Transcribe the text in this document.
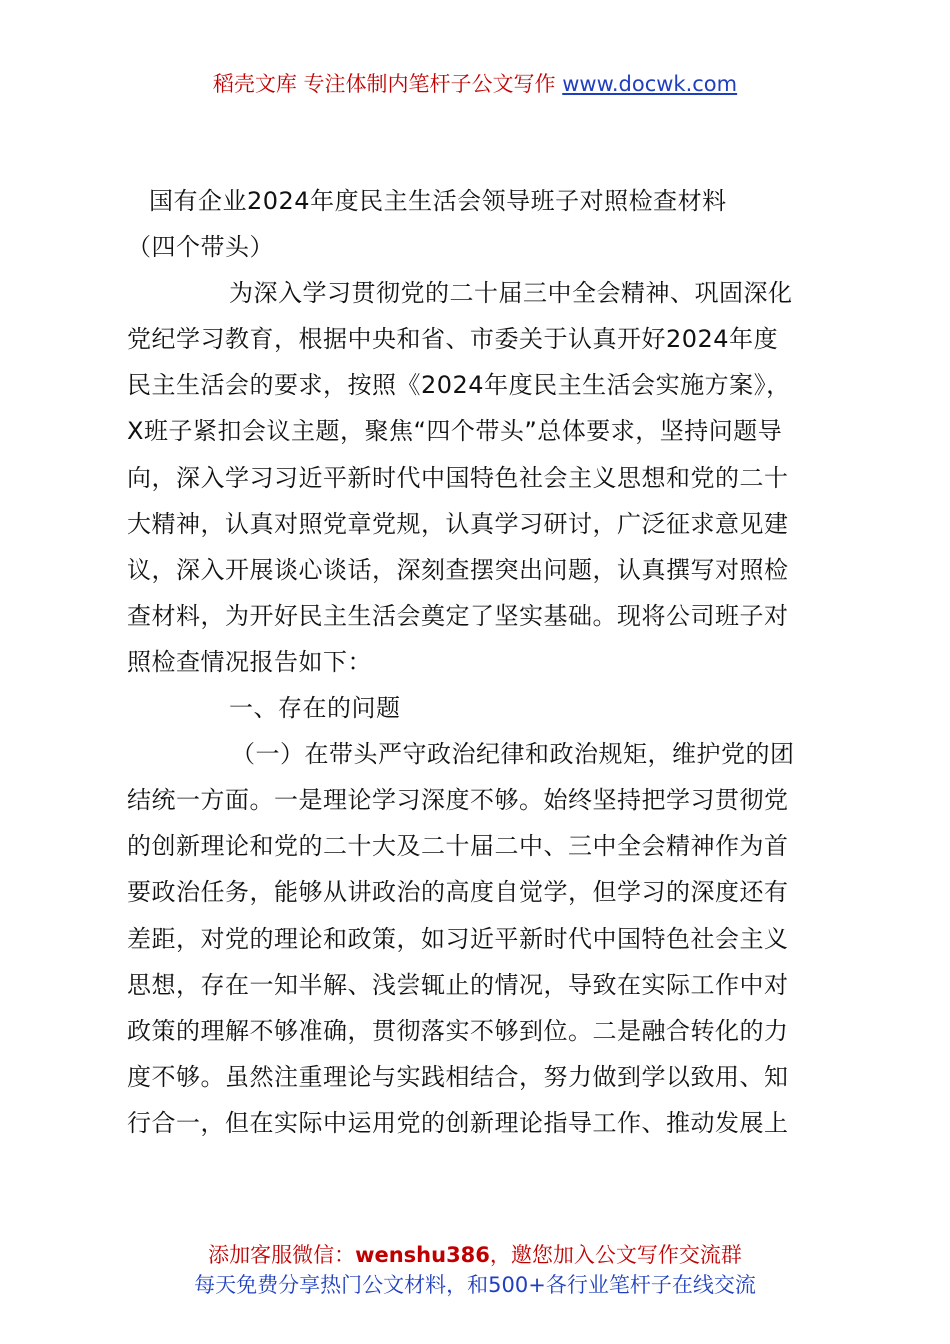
稻壳文库 专注体制内笔杆子公文写作 www.docwk.com
国有企业2024年度民主生活会领导班子对照检查材料
（四个带头）
为深入学习贯彻党的二十届三中全会精神、巩固深化
党纪学习教育，根据中央和省、市委关于认真开好2024年度
民主生活会的要求，按照《2024年度民主生活会实施方案》，
X班子紧扣会议主题，聚焦“四个带头”总体要求，坚持问题导
向，深入学习习近平新时代中国特色社会主义思想和党的二十
大精神，认真对照党章党规，认真学习研讨，广泛征求意见建
议，深入开展谈心谈话，深刻查摆突出问题，认真撰写对照检
查材料，为开好民主生活会奠定了坚实基础。现将公司班子对
照检查情况报告如下：
一、存在的问题
（一）在带头严守政治纪律和政治规矩，维护党的团
结统一方面。一是理论学习深度不够。始终坚持把学习贯彻党
的创新理论和党的二十大及二十届二中、三中全会精神作为首
要政治任务，能够从讲政治的高度自觉学，但学习的深度还有
差距，对党的理论和政策，如习近平新时代中国特色社会主义
思想，存在一知半解、浅尝辄止的情况，导致在实际工作中对
政策的理解不够准确，贯彻落实不够到位。二是融合转化的力
度不够。虽然注重理论与实践相结合，努力做到学以致用、知
行合一，但在实际中运用党的创新理论指导工作、推动发展上
添加客服微信：wenshu386，邀您加入公文写作交流群
每天免费分享热门公文材料，和500+各行业笔杆子在线交流
